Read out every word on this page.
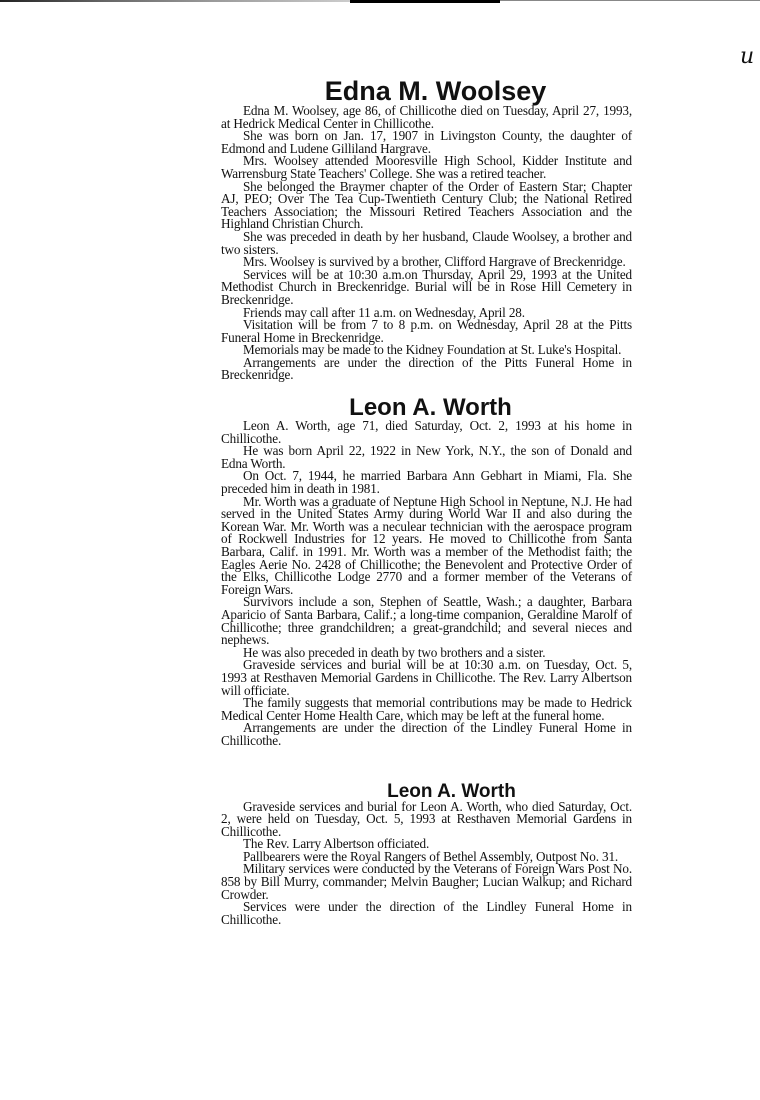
u
Edna M. Woolsey

Edna M. Woolsey, age 86, of Chillicothe died on Tuesday, April 27, 1993, at Hedrick Medical Center in Chillicothe.

She was born on Jan. 17, 1907 in Livingston County, the daughter of Edmond and Ludene Gilliland Hargrave.

Mrs. Woolsey attended Mooresville High School, Kidder Institute and Warrensburg State Teachers' College. She was a retired teacher.

She belonged the Braymer chapter of the Order of Eastern Star; Chapter AJ, PEO; Over The Tea Cup-Twentieth Century Club; the National Retired Teachers Association; the Missouri Retired Teachers Association and the Highland Christian Church.

She was preceded in death by her husband, Claude Woolsey, a brother and two sisters.

Mrs. Woolsey is survived by a brother, Clifford Hargrave of Breckenridge.

Services will be at 10:30 a.m.on Thursday, April 29, 1993 at the United Methodist Church in Breckenridge. Burial will be in Rose Hill Cemetery in Breckenridge.

Friends may call after 11 a.m. on Wednesday, April 28.

Visitation will be from 7 to 8 p.m. on Wednesday, April 28 at the Pitts Funeral Home in Breckenridge.

Memorials may be made to the Kidney Foundation at St. Luke's Hospital.

Arrangements are under the direction of the Pitts Funeral Home in Breckenridge.

Leon A. Worth

Leon A. Worth, age 71, died Saturday, Oct. 2, 1993 at his home in Chillicothe.

He was born April 22, 1922 in New York, N.Y., the son of Donald and Edna Worth.

On Oct. 7, 1944, he married Barbara Ann Gebhart in Miami, Fla. She preceded him in death in 1981.

Mr. Worth was a graduate of Neptune High School in Neptune, N.J. He had served in the United States Army during World War II and also during the Korean War. Mr. Worth was a neculear technician with the aerospace program of Rockwell Industries for 12 years. He moved to Chillicothe from Santa Barbara, Calif. in 1991. Mr. Worth was a member of the Methodist faith; the Eagles Aerie No. 2428 of Chillicothe; the Benevolent and Protective Order of the Elks, Chillicothe Lodge 2770 and a former member of the Veterans of Foreign Wars.

Survivors include a son, Stephen of Seattle, Wash.; a daughter, Barbara Aparicio of Santa Barbara, Calif.; a long-time companion, Geraldine Marolf of Chillicothe; three grandchildren; a great-grandchild; and several nieces and nephews.

He was also preceded in death by two brothers and a sister.

Graveside services and burial will be at 10:30 a.m. on Tuesday, Oct. 5, 1993 at Resthaven Memorial Gardens in Chillicothe. The Rev. Larry Albertson will officiate.

The family suggests that memorial contributions may be made to Hedrick Medical Center Home Health Care, which may be left at the funeral home.

Arrangements are under the direction of the Lindley Funeral Home in Chillicothe.

Leon A. Worth

Graveside services and burial for Leon A. Worth, who died Saturday, Oct. 2, were held on Tuesday, Oct. 5, 1993 at Resthaven Memorial Gardens in Chillicothe.

The Rev. Larry Albertson officiated.

Pallbearers were the Royal Rangers of Bethel Assembly, Outpost No. 31.

Military services were conducted by the Veterans of Foreign Wars Post No. 858 by Bill Murry, commander; Melvin Baugher; Lucian Walkup; and Richard Crowder.

Services were under the direction of the Lindley Funeral Home in Chillicothe.
